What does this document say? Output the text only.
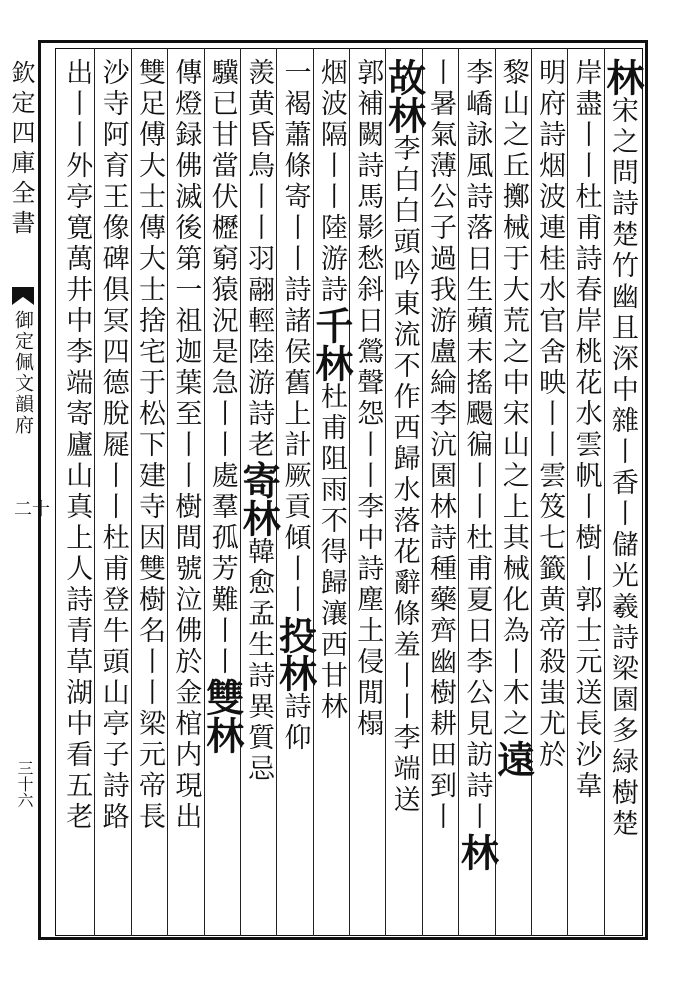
欽定四庫全書
御定佩文韻府
二十
三十六
林宋之問詩楚竹幽且深中雜丨香丨儲光羲詩梁園多緑樹楚
岸盡丨丨杜甫詩春岸桃花水雲帆丨樹丨郭士元送長沙韋
明府詩烟波連桂水官舍映丨丨雲笈七籤黄帝殺蚩尤於
黎山之丘擲械于大荒之中宋山之上其械化為丨木之遠
李嶠詠風詩落日生蘋末搖颺徧丨丨杜甫夏日李公見訪詩丨林
丨暑氣薄公子過我游盧綸李沆園林詩種藥齊幽樹耕田到丨
故林李白白頭吟東流不作西歸水落花辭條羞丨丨李端送
郭補闕詩馬影愁斜日鶯聲怨丨丨李中詩塵土侵閒榻
烟波隔丨丨陸游詩千林杜甫阻雨不得歸瀼西甘林
一褐蕭條寄丨丨詩諸侯舊上計厥貢傾丨丨投林詩仰
羨黄昏鳥丨丨羽翮輕陸游詩老寄林韓愈孟生詩異質忌
驥已甘當伏櫪窮猿況是急丨丨處羣孤芳難丨丨雙林
傳燈録佛滅後第一祖迦葉至丨丨樹間號泣佛於金棺内現出
雙足傅大士傳大士捨宅于松下建寺因雙樹名丨丨梁元帝長
沙寺阿育王像碑俱冥四德脫屣丨丨杜甫登牛頭山亭子詩路
出丨丨外亭寛萬井中李端寄廬山真上人詩青草湖中看五老
